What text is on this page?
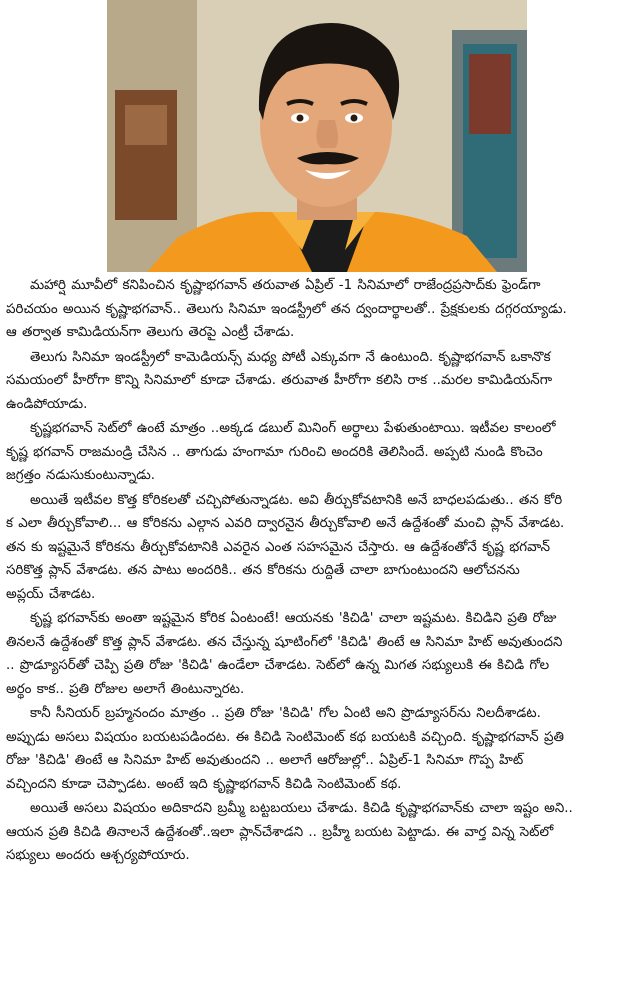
మహార్షి మూవీలో కనిపించిన కృష్ణాభగవాన్ తరువాత ఏప్రిల్ -1 సినిమాలో రాజేంద్రప్రసాద్‌కు ఫ్రెండ్‌గా
పరిచయం అయిన కృష్ణాభగవాన్.. తెలుగు సినిమా ఇండస్ట్రీలో తన ద్వందార్థాలతో.. ప్రేక్షకులకు దగ్గరయ్యాడు.
ఆ తర్వాత కామిడియన్‌గా తెలుగు తెరపై ఎంట్రీ చేశాడు.

తెలుగు సినిమా ఇండస్ట్రీలో కామెడియన్స్ మధ్య పోటీ ఎక్కువగా నే ఉంటుంది. కృష్ణాభగవాన్ ఒకానొక
సమయంలో హీరోగా కొన్ని సినిమాలో కూడా చేశాడు. తరువాత హీరోగా కలిసి రాక ..మరల కామిడియన్‌గా
ఉండిపోయాడు.

కృష్ణభగవాన్ సెట్‌లో ఉంటే మాత్రం ..అక్కడ డబుల్ మినింగ్ అర్థాలు పేళుతుంటాయి. ఇటీవల కాలంలో
కృష్ణ భగవాన్ రాజమండ్రి చేసిన .. తాగుడు హంగామా గురించి అందరికి తెలిసిందే. అప్పటి నుండి కొంచెం
జగ్రత్తం నడుసుకుంటున్నాడు.

అయితే ఇటీవల కొత్త కోరికలతో చచ్చిపోతున్నాడట. అవి తీర్చుకోవటానికి అనే బాధలపడుతు.. తన కోరి
క ఎలా తీర్చుకోవాలి... ఆ కోరికను ఎల్గాన ఎవరి ద్వారనైన తీర్చుకోవాలి అనే ఉద్దేశంతో మంచి ప్లాన్ వేశాడట.
తన కు ఇష్టమైనే కోరికను తీర్చుకోవటానికి ఎవరైన ఎంత సహసమైన చేస్తారు. ఆ ఉద్దేశంతోనే కృష్ణ భగవాన్
సరికొత్త ప్లాన్ వేశాడట. తన పాటు అందరికి.. తన కోరికను రుద్దితే చాలా బాగుంటుందని ఆలోచనను
అప్లయ్ చేశాడట.

కృష్ణ భగవాన్‌కు అంతా ఇష్టమైన కోరిక ఏంటంటే! ఆయనకు 'కిచిడి' చాలా ఇష్టమట. కిచిడిని ప్రతి రోజు
తినలనే ఉద్దేశంతో కొత్త ప్లాన్ వేశాడట. తన చేస్తున్న షూటింగ్‌లో 'కిచిడి' తింటే ఆ సినిమా హిట్ అవుతుందని
.. ప్రొడ్యూసర్‌తో చెప్పి ప్రతి రోజు 'కిచిడి' ఉండేలా చేశాడట. సెట్‌లో ఉన్న మిగత సభ్యులుకి ఈ కిచిడి గోల
అర్థం కాక.. ప్రతి రోజుల అలాగే తింటున్నారట.

కానీ సీనియర్ బ్రహ్మనందం మాత్రం .. ప్రతి రోజు 'కిచిడి' గోల ఏంటి అని ప్రొడ్యూసర్‌ను నిలదీశాడట.
అప్పుడు అసలు విషయం బయటపడిందట. ఈ కిచిడి సెంటిమెంట్ కథ బయటకి వచ్చింది. కృష్ణాభగవాన్ ప్రతి
రోజు 'కిచిడి' తింటే ఆ సినిమా హిట్ అవుతుందని .. అలాగే ఆరోజుల్లో.. ఏప్రిల్-1 సినిమా గొప్ప హిట్
వచ్చిందని కూడా చెప్పాడట. అంటే ఇది కృష్ణాభగవాన్ కిచిడి సెంటిమెంట్ కథ.

అయితే అసలు విషయం అదికాదని బ్రమ్మీ బట్టబయలు చేశాడు. కిచిడి కృష్ణాభగవాన్‌కు చాలా ఇష్టం అని..
ఆయన ప్రతి కిచిడి తినాలనే ఉద్దేశంతో..ఇలా ప్లాన్‌చేశాడని .. బ్రహ్మీ బయట పెట్టాడు. ఈ వార్త విన్న సెట్‌లో
సభ్యులు అందరు ఆశ్చర్యపోయారు.
